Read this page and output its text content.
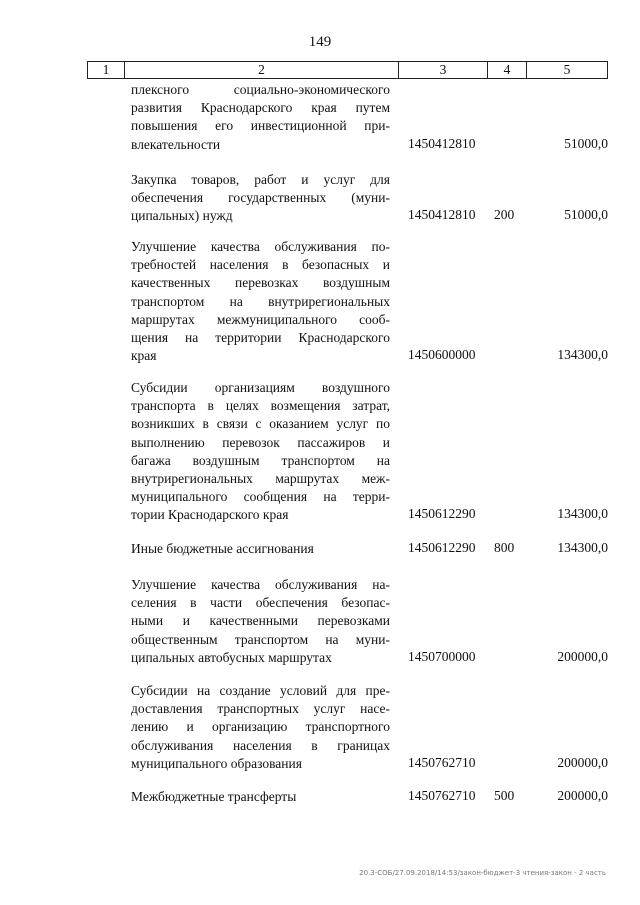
149
1	2	3	4	5
плексного социально-экономического
развития Краснодарского края путем
повышения его инвестиционной при-
влекательности	1450412810	51000,0
Закупка товаров, работ и услуг для
обеспечения государственных (муни-
ципальных) нужд	1450412810 200	51000,0
Улучшение качества обслуживания по-
требностей населения в безопасных и
качественных перевозках воздушным
транспортом на внутрирегиональных
маршрутах межмуниципального сооб-
щения на территории Краснодарского
края	1450600000	134300,0
Субсидии организациям воздушного
транспорта в целях возмещения затрат,
возникших в связи с оказанием услуг по
выполнению перевозок пассажиров и
багажа воздушным транспортом на
внутрирегиональных маршрутах меж-
муниципального сообщения на терри-
тории Краснодарского края	1450612290	134300,0
Иные бюджетные ассигнования	1450612290 800	134300,0
Улучшение качества обслуживания на-
селения в части обеспечения безопас-
ными и качественными перевозками
общественным транспортом на муни-
ципальных автобусных маршрутах	1450700000	200000,0
Субсидии на создание условий для пре-
доставления транспортных услуг насе-
лению и организацию транспортного
обслуживания населения в границах
муниципального образования	1450762710	200000,0
Межбюджетные трансферты	1450762710 500	200000,0
20.3-СОБ/27.09.2018/14:53/закон-бюджет-3 чтения-закон - 2 часть
